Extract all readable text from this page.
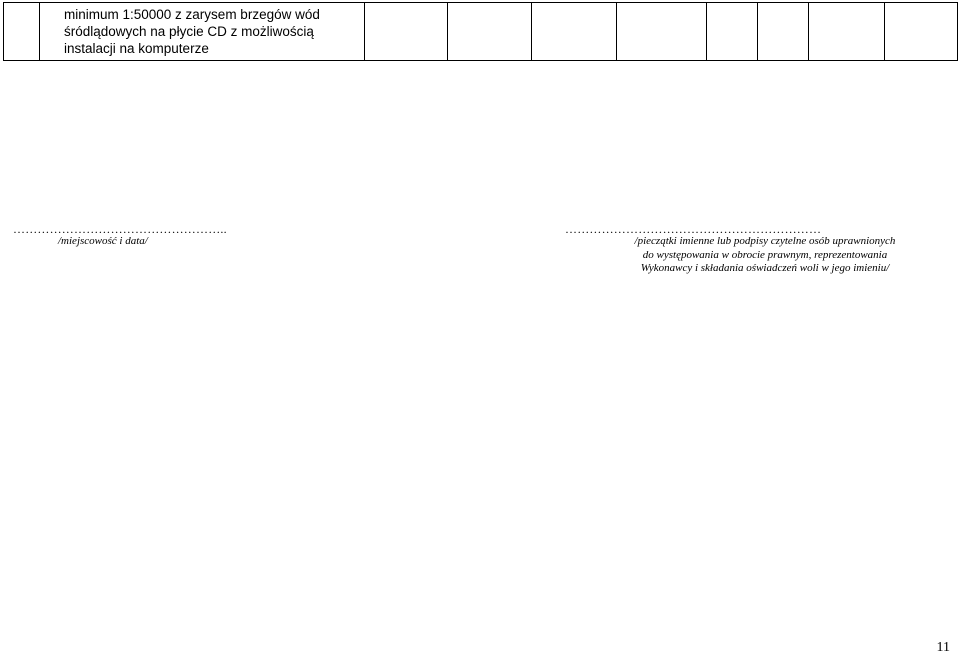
minimum 1:50000 z zarysem brzegów wód
śródlądowych na płycie CD z możliwością
instalacji na komputerze

……………………………………………..
/miejscowość i data/
………………………………………………………
/pieczątki imienne lub podpisy czytelne osób uprawnionych
do występowania w obrocie prawnym, reprezentowania
Wykonawcy i składania oświadczeń woli w jego imieniu/
11
